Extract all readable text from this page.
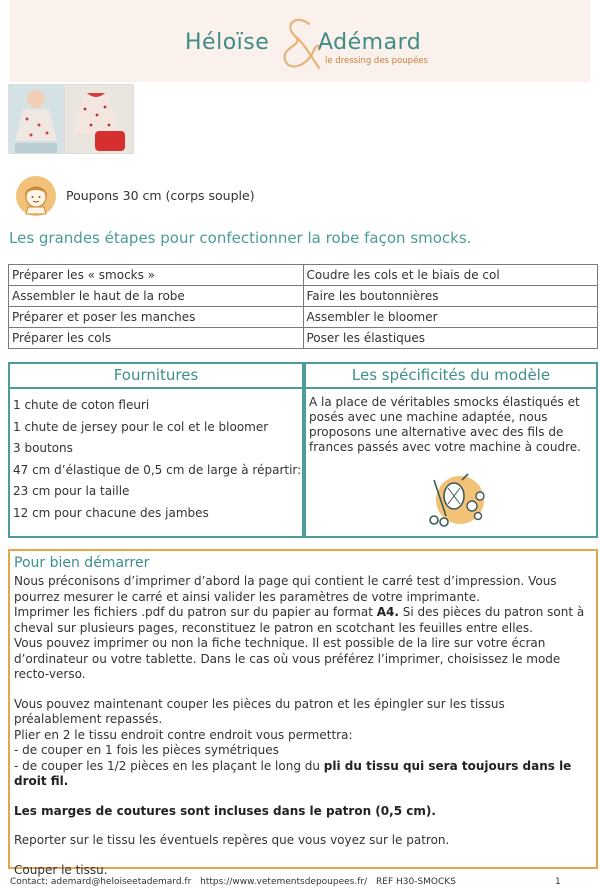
Héloïse Adémard
le dressing des poupées
Poupons 30 cm (corps souple)
Les grandes étapes pour confectionner la robe façon smocks.
Préparer les « smocks »	Coudre les cols et le biais de col
Assembler le haut de la robe	Faire les boutonnières
Préparer et poser les manches	Assembler le bloomer
Préparer les cols	Poser les élastiques
Fournitures
1 chute de coton fleuri
1 chute de jersey pour le col et le bloomer
3 boutons
47 cm d’élastique de 0,5 cm de large à répartir:
23 cm pour la taille
12 cm pour chacune des jambes
Les spécificités du modèle
A la place de véritables smocks élastiqués et posés avec une machine adaptée, nous proposons une alternative avec des fils de frances passés avec votre machine à coudre.
Pour bien démarrer

Nous préconisons d’imprimer d’abord la page qui contient le carré test d’impression. Vous pourrez mesurer le carré et ainsi valider les paramètres de votre imprimante.

Imprimer les fichiers .pdf du patron sur du papier au format A4. Si des pièces du patron sont à cheval sur plusieurs pages, reconstituez le patron en scotchant les feuilles entre elles.

Vous pouvez imprimer ou non la fiche technique. Il est possible de la lire sur votre écran d’ordinateur ou votre tablette. Dans le cas où vous préférez l’imprimer, choisissez le mode recto-verso.

Vous pouvez maintenant couper les pièces du patron et les épingler sur les tissus préalablement repassés.

Plier en 2 le tissu endroit contre endroit vous permettra:

- de couper en 1 fois les pièces symétriques

- de couper les 1/2 pièces en les plaçant le long du pli du tissu qui sera toujours dans le droit fil.

Les marges de coutures sont incluses dans le patron (0,5 cm).

Reporter sur le tissu les éventuels repères que vous voyez sur le patron.

Couper le tissu.

Contact: ademard@heloiseetademard.fr https://www.vetementsdepoupees.fr/ REF H30-SMOCKS	1
